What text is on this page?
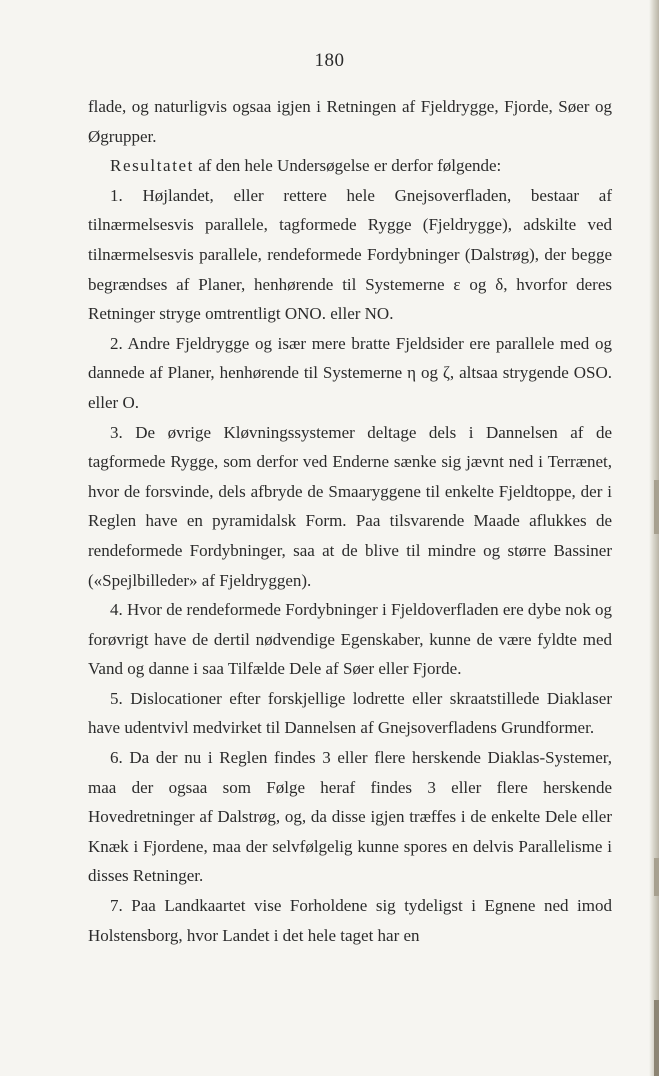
180

flade, og naturligvis ogsaa igjen i Retningen af Fjeldrygge, Fjorde, Søer og Øgrupper.

Resultatet af den hele Undersøgelse er derfor følgende:

1. Højlandet, eller rettere hele Gnejsoverfladen, bestaar af tilnærmelsesvis parallele, tagformede Rygge (Fjeldrygge), adskilte ved tilnærmelsesvis parallele, rendeformede Fordybninger (Dalstrøg), der begge begrændses af Planer, henhørende til Systemerne ε og δ, hvorfor deres Retninger stryge omtrentligt ONO. eller NO.

2. Andre Fjeldrygge og især mere bratte Fjeldsider ere parallele med og dannede af Planer, henhørende til Systemerne η og ζ, altsaa strygende OSO. eller O.

3. De øvrige Kløvningssystemer deltage dels i Dannelsen af de tagformede Rygge, som derfor ved Enderne sænke sig jævnt ned i Terrænet, hvor de forsvinde, dels afbryde de Smaaryggene til enkelte Fjeldtoppe, der i Reglen have en pyramidalsk Form. Paa tilsvarende Maade aflukkes de rendeformede Fordybninger, saa at de blive til mindre og større Bassiner («Spejlbilleder» af Fjeldryggen).

4. Hvor de rendeformede Fordybninger i Fjeldoverfladen ere dybe nok og forøvrigt have de dertil nødvendige Egenskaber, kunne de være fyldte med Vand og danne i saa Tilfælde Dele af Søer eller Fjorde.

5. Dislocationer efter forskjellige lodrette eller skraatstillede Diaklaser have udentvivl medvirket til Dannelsen af Gnejsoverfladens Grundformer.

6. Da der nu i Reglen findes 3 eller flere herskende Diaklas-Systemer, maa der ogsaa som Følge heraf findes 3 eller flere herskende Hovedretninger af Dalstrøg, og, da disse igjen træffes i de enkelte Dele eller Knæk i Fjordene, maa der selvfølgelig kunne spores en delvis Parallelisme i disses Retninger.

7. Paa Landkaartet vise Forholdene sig tydeligst i Egnene ned imod Holstensborg, hvor Landet i det hele taget har en
